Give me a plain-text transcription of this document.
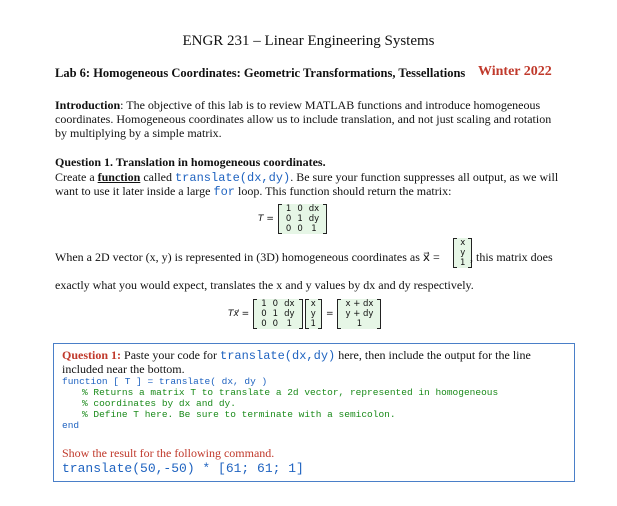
ENGR 231 – Linear Engineering Systems
Lab 6: Homogeneous Coordinates: Geometric Transformations, Tessellations Winter 2022
Introduction: The objective of this lab is to review MATLAB functions and introduce homogeneous coordinates. Homogeneous coordinates allow us to include translation, and not just scaling and rotation by multiplying by a simple matrix.
Question 1. Translation in homogeneous coordinates.
Create a function called translate(dx,dy). Be sure your function suppresses all output, as we will
want to use it later inside a large for loop. This function should return the matrix:
T =
1	0	dx
0	1	dy
0	0	1
When a 2D vector (x, y) is represented in (3D) homogeneous coordinates as x⃗ =
x
y
1 , this matrix does
exactly what you would expect, translates the x and y values by dx and dy respectively.
Tx⃗ =
1	0	dx
0	1	dy
0	0	1
x
y
1
=
x + dx
y + dy
1
Question 1: Paste your code for translate(dx,dy) here, then include the output for the line included near the bottom.
function [ T ] = translate( dx, dy )
% Returns a matrix T to translate a 2d vector, represented in homogeneous
% coordinates by dx and dy.
% Define T here. Be sure to terminate with a semicolon.
end
Show the result for the following command.
translate(50,-50) * [61; 61; 1]
